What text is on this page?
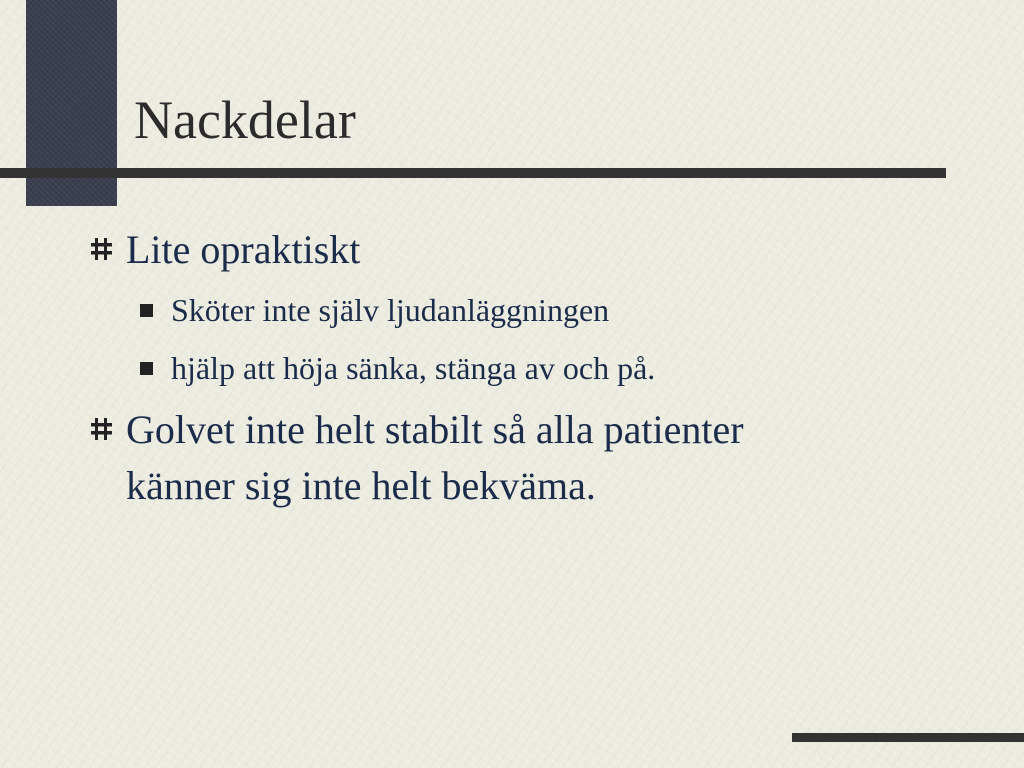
Nackdelar
Lite opraktiskt
Sköter inte själv ljudanläggningen
hjälp att höja sänka, stänga av och på.
Golvet inte helt stabilt så alla patienter
känner sig inte helt bekväma.
